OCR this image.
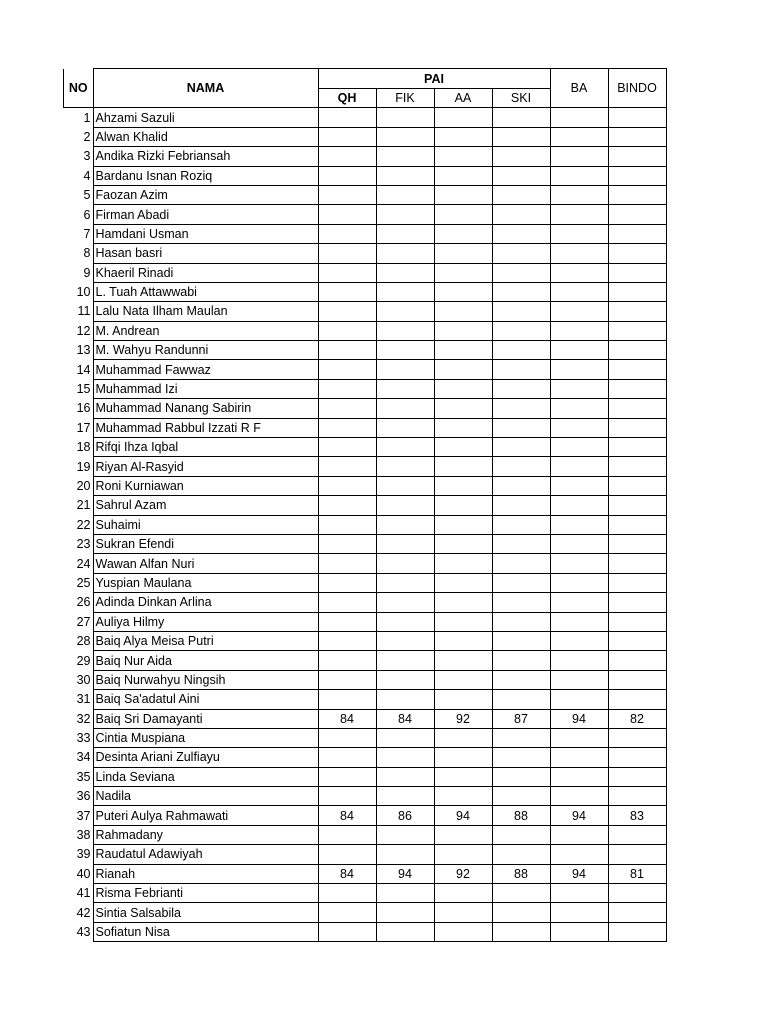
NO	NAMA	PAI				BA	BINDO
		QH	FIK	AA	SKI		
1	Ahzami Sazuli						
2	Alwan Khalid						
3	Andika Rizki Febriansah						
4	Bardanu Isnan Roziq						
5	Faozan Azim						
6	Firman Abadi						
7	Hamdani Usman						
8	Hasan basri						
9	Khaeril Rinadi						
10	L. Tuah Attawwabi						
11	Lalu Nata Ilham Maulan						
12	M. Andrean						
13	M. Wahyu Randunni						
14	Muhammad Fawwaz						
15	Muhammad Izi						
16	Muhammad Nanang Sabirin						
17	Muhammad Rabbul Izzati R F						
18	Rifqi Ihza Iqbal						
19	Riyan Al-Rasyid						
20	Roni Kurniawan						
21	Sahrul Azam						
22	Suhaimi						
23	Sukran Efendi						
24	Wawan Alfan Nuri						
25	Yuspian Maulana						
26	Adinda Dinkan Arlina						
27	Auliya Hilmy						
28	Baiq Alya Meisa Putri						
29	Baiq Nur Aida						
30	Baiq Nurwahyu Ningsih						
31	Baiq Sa'adatul Aini						
32	Baiq Sri Damayanti	84	84	92	87	94	82
33	Cintia Muspiana						
34	Desinta Ariani Zulfiayu						
35	Linda Seviana						
36	Nadila						
37	Puteri Aulya Rahmawati	84	86	94	88	94	83
38	Rahmadany						
39	Raudatul Adawiyah						
40	Rianah	84	94	92	88	94	81
41	Risma Febrianti						
42	Sintia Salsabila						
43	Sofiatun Nisa						
